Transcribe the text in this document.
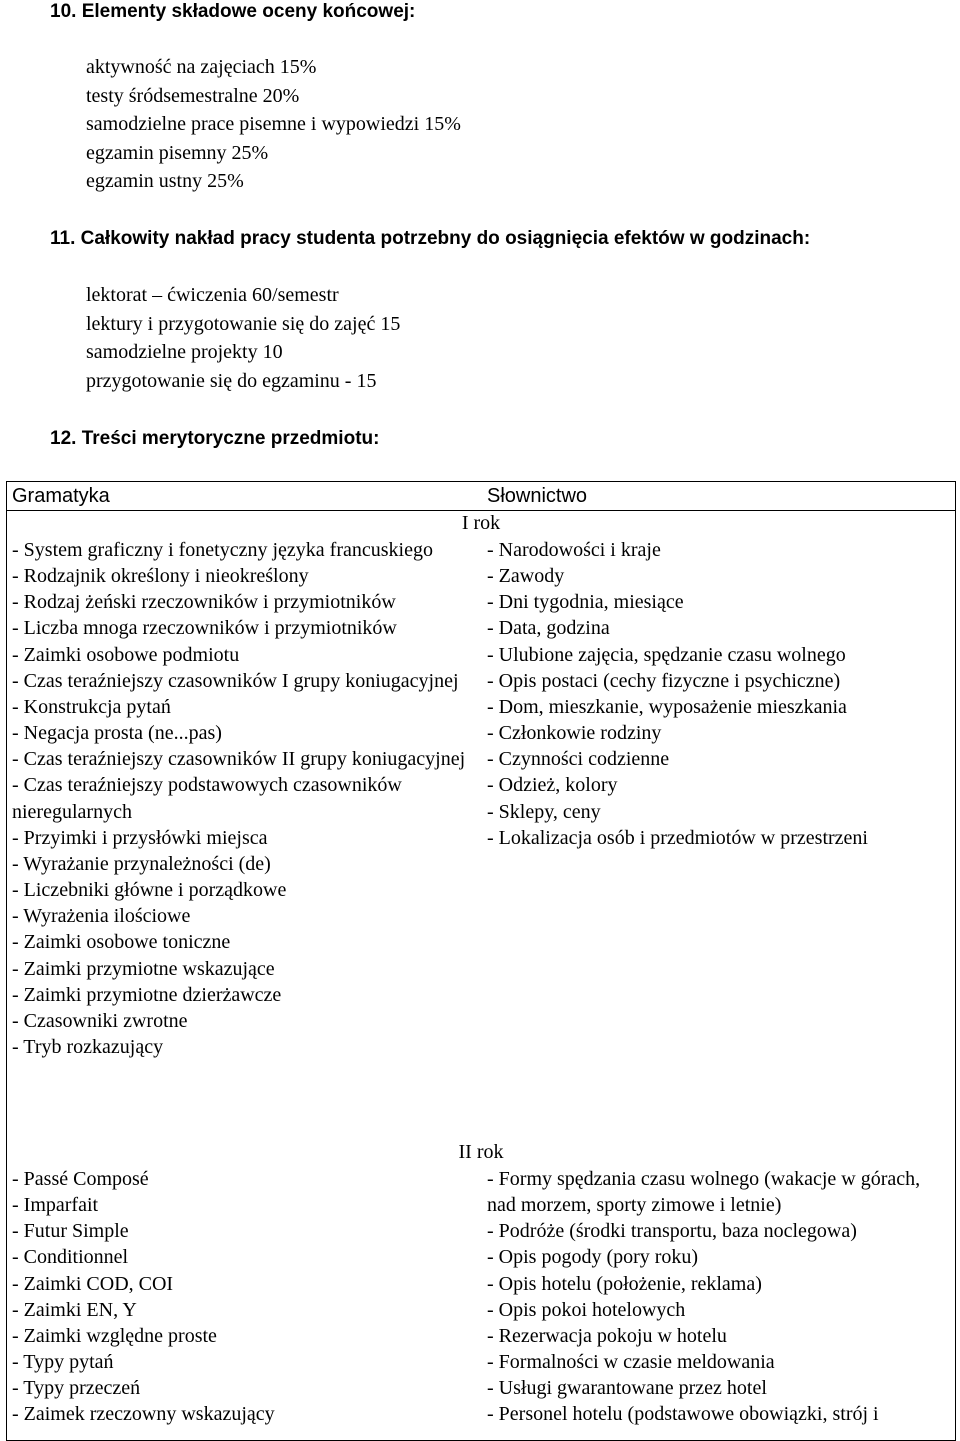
10. Elementy składowe oceny końcowej:
aktywność na zajęciach 15%
testy śródsemestralne 20%
samodzielne prace pisemne i wypowiedzi 15%
egzamin pisemny 25%
egzamin ustny 25%
11. Całkowity nakład pracy studenta potrzebny do osiągnięcia efektów w godzinach:
lektorat – ćwiczenia 60/semestr
lektury i przygotowanie się do zajęć 15
samodzielne projekty 10
przygotowanie się do egzaminu - 15
12. Treści merytoryczne przedmiotu:
Gramatyka	Słownictwo
I rok
- System graficzny i fonetyczny języka francuskiego
- Rodzajnik określony i nieokreślony
- Rodzaj żeński rzeczowników i przymiotników
- Liczba mnoga rzeczowników i przymiotników
- Zaimki osobowe podmiotu
- Czas teraźniejszy czasowników I grupy koniugacyjnej
- Konstrukcja pytań
- Negacja prosta (ne...pas)
- Czas teraźniejszy czasowników II grupy koniugacyjnej
- Czas teraźniejszy podstawowych czasowników nieregularnych
- Przyimki i przysłówki miejsca
- Wyrażanie przynależności (de)
- Liczebniki główne i porządkowe
- Wyrażenia ilościowe
- Zaimki osobowe toniczne
- Zaimki przymiotne wskazujące
- Zaimki przymiotne dzierżawcze
- Czasowniki zwrotne
- Tryb rozkazujący
- Narodowości i kraje
- Zawody
- Dni tygodnia, miesiące
- Data, godzina
- Ulubione zajęcia, spędzanie czasu wolnego
- Opis postaci (cechy fizyczne i psychiczne)
- Dom, mieszkanie, wyposażenie mieszkania
- Członkowie rodziny
- Czynności codzienne
- Odzież, kolory
- Sklepy, ceny
- Lokalizacja osób i przedmiotów w przestrzeni
II rok
- Passé Composé
- Imparfait
- Futur Simple
- Conditionnel
- Zaimki COD, COI
- Zaimki EN, Y
- Zaimki względne proste
- Typy pytań
- Typy przeczeń
- Zaimek rzeczowny wskazujący
- Formy spędzania czasu wolnego (wakacje w górach, nad morzem, sporty zimowe i letnie)
- Podróże (środki transportu, baza noclegowa)
- Opis pogody (pory roku)
- Opis hotelu (położenie, reklama)
- Opis pokoi hotelowych
- Rezerwacja pokoju w hotelu
- Formalności w czasie meldowania
- Usługi gwarantowane przez hotel
- Personel hotelu (podstawowe obowiązki, strój i
